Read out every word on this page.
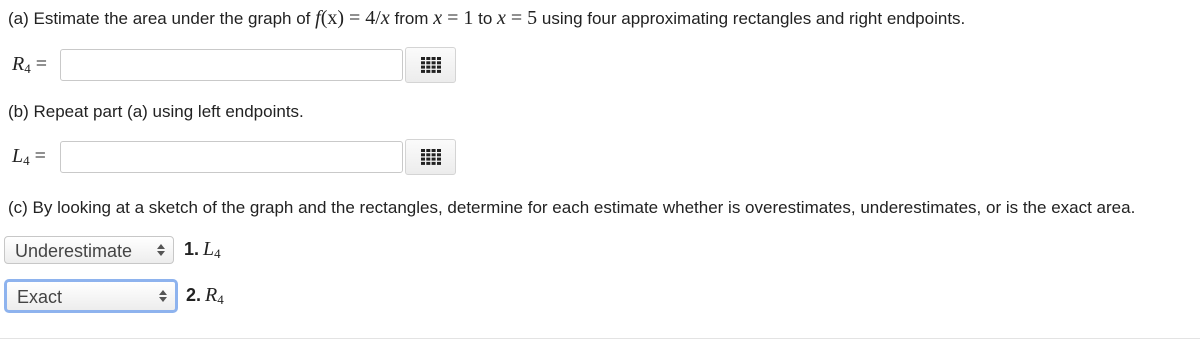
(a) Estimate the area under the graph of f(x) = 4/x from x = 1 to x = 5 using four approximating rectangles and right endpoints.
$R_4$ =
(b) Repeat part (a) using left endpoints.
$L_4$ =
(c) By looking at a sketch of the graph and the rectangles, determine for each estimate whether is overestimates, underestimates, or is the exact area.
Underestimate	1. $L_4$
Exact	2. $R_4$
